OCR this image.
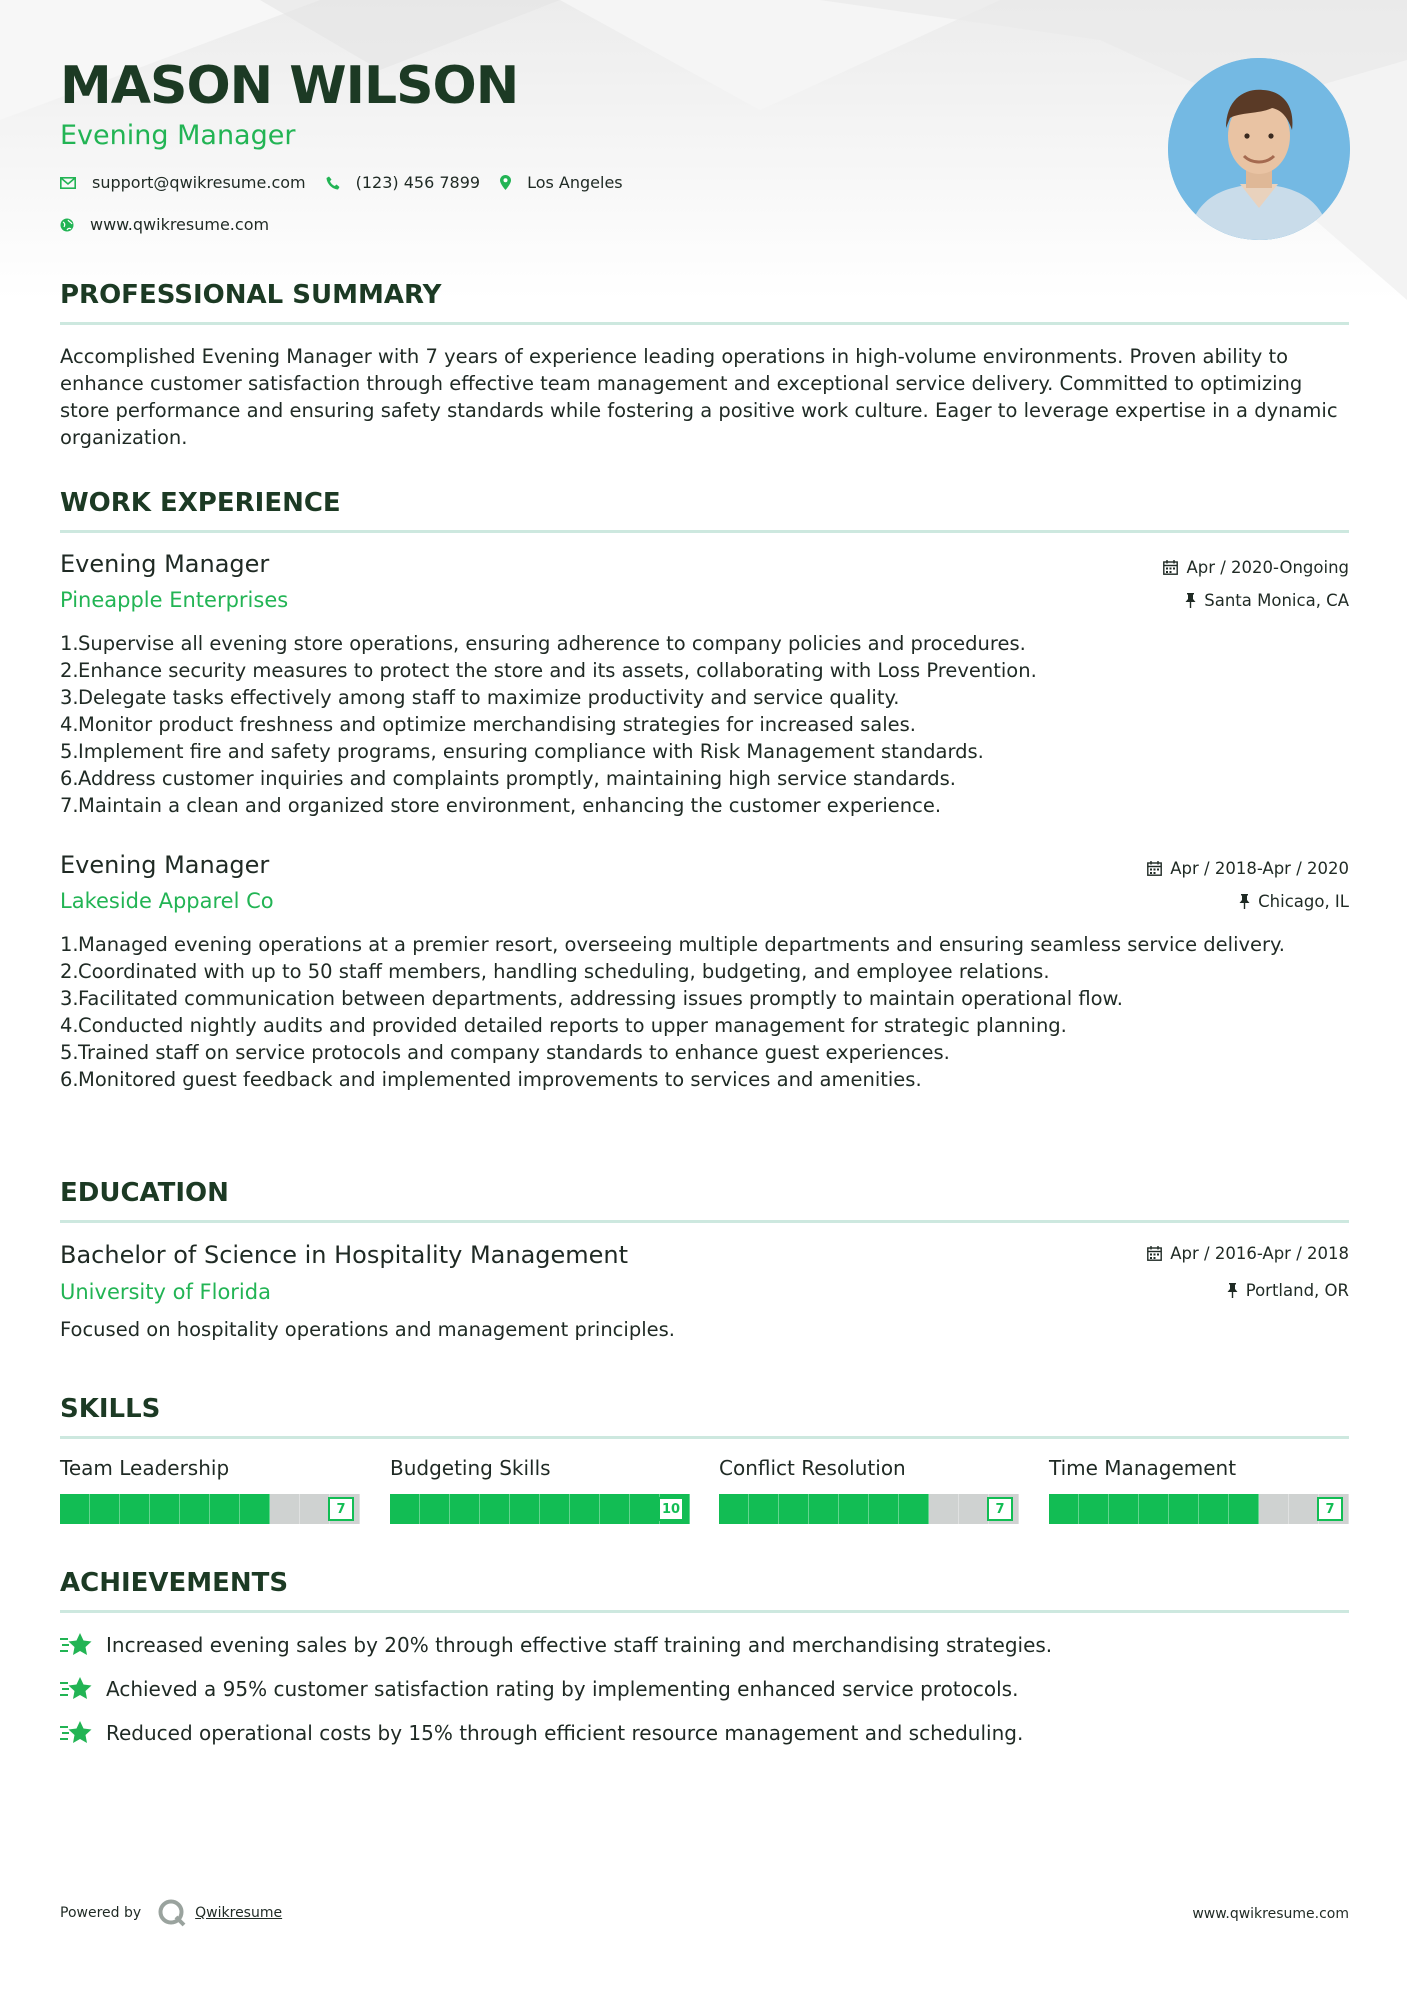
MASON WILSON
Evening Manager
support@qwikresume.com	(123) 456 7899	Los Angeles
www.qwikresume.com
PROFESSIONAL SUMMARY
Accomplished Evening Manager with 7 years of experience leading operations in high-volume environments. Proven ability to enhance customer satisfaction through effective team management and exceptional service delivery. Committed to optimizing store performance and ensuring safety standards while fostering a positive work culture. Eager to leverage expertise in a dynamic organization.
WORK EXPERIENCE
Evening Manager
Pineapple Enterprises
Apr / 2020-Ongoing
Santa Monica, CA
1. Supervise all evening store operations, ensuring adherence to company policies and procedures.
2. Enhance security measures to protect the store and its assets, collaborating with Loss Prevention.
3. Delegate tasks effectively among staff to maximize productivity and service quality.
4. Monitor product freshness and optimize merchandising strategies for increased sales.
5. Implement fire and safety programs, ensuring compliance with Risk Management standards.
6. Address customer inquiries and complaints promptly, maintaining high service standards.
7. Maintain a clean and organized store environment, enhancing the customer experience.
Evening Manager
Lakeside Apparel Co
Apr / 2018-Apr / 2020
Chicago, IL
1. Managed evening operations at a premier resort, overseeing multiple departments and ensuring seamless service delivery.
2. Coordinated with up to 50 staff members, handling scheduling, budgeting, and employee relations.
3. Facilitated communication between departments, addressing issues promptly to maintain operational flow.
4. Conducted nightly audits and provided detailed reports to upper management for strategic planning.
5. Trained staff on service protocols and company standards to enhance guest experiences.
6. Monitored guest feedback and implemented improvements to services and amenities.
EDUCATION
Bachelor of Science in Hospitality Management
University of Florida
Apr / 2016-Apr / 2018
Portland, OR
Focused on hospitality operations and management principles.
SKILLS
Team Leadership
7
Budgeting Skills
10
Conflict Resolution
7
Time Management
7
ACHIEVEMENTS
Increased evening sales by 20% through effective staff training and merchandising strategies.
Achieved a 95% customer satisfaction rating by implementing enhanced service protocols.
Reduced operational costs by 15% through efficient resource management and scheduling.
Powered by	Qwikresume	www.qwikresume.com
